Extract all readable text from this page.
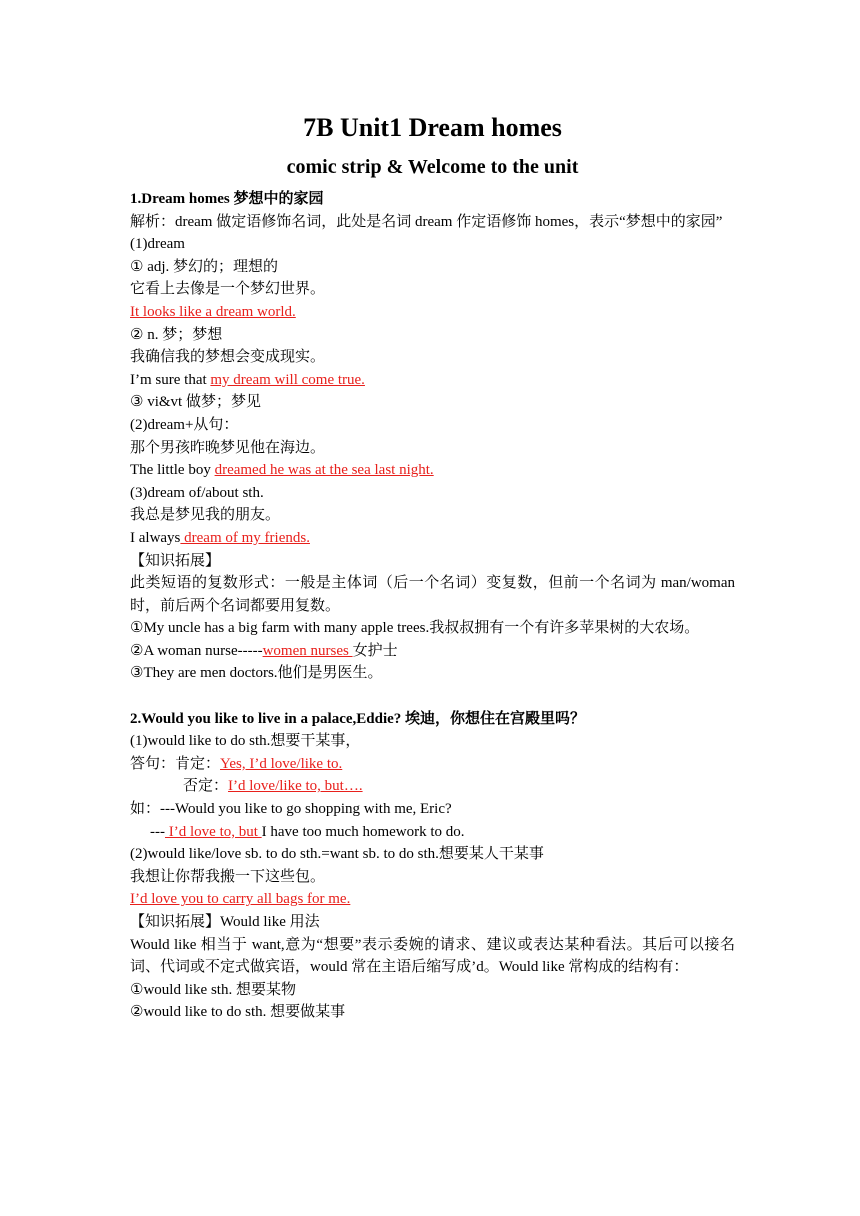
7B Unit1 Dream homes
comic strip & Welcome to the unit
1.Dream homes 梦想中的家园
解析：dream 做定语修饰名词，此处是名词 dream 作定语修饰 homes，表示“梦想中的家园”
(1)dream
① adj. 梦幻的；理想的
它看上去像是一个梦幻世界。
It looks like a dream world.
② n. 梦；梦想
我确信我的梦想会变成现实。
I’m sure that my dream will come true.
③ vi&vt 做梦；梦见
(2)dream+从句：
那个男孩昨晚梦见他在海边。
The little boy dreamed he was at the sea last night.
(3)dream of/about sth.
我总是梦见我的朋友。
I always dream of my friends.
【知识拓展】
此类短语的复数形式：一般是主体词（后一个名词）变复数，但前一个名词为 man/woman 时，前后两个名词都要用复数。
①My uncle has a big farm with many apple trees.我叔叔拥有一个有许多苹果树的大农场。
②A woman nurse-----women nurses 女护士
③They are men doctors.他们是男医生。
2.Would you like to live in a palace,Eddie? 埃迪，你想住在宫殿里吗？
(1)would like to do sth.想要干某事，
答句：肯定：Yes, I’d love/like to.
否定：I’d love/like to, but….
如：---Would you like to go shopping with me, Eric?
--- I’d love to, but I have too much homework to do.
(2)would like/love sb. to do sth.=want sb. to do sth.想要某人干某事
我想让你帮我搬一下这些包。
I’d love you to carry all bags for me.
【知识拓展】Would like 用法
Would like 相当于 want,意为“想要”表示委婉的请求、建议或表达某种看法。其后可以接名词、代词或不定式做宾语，would 常在主语后缩写成’d。Would like 常构成的结构有：
①would like sth. 想要某物
②would like to do sth. 想要做某事
